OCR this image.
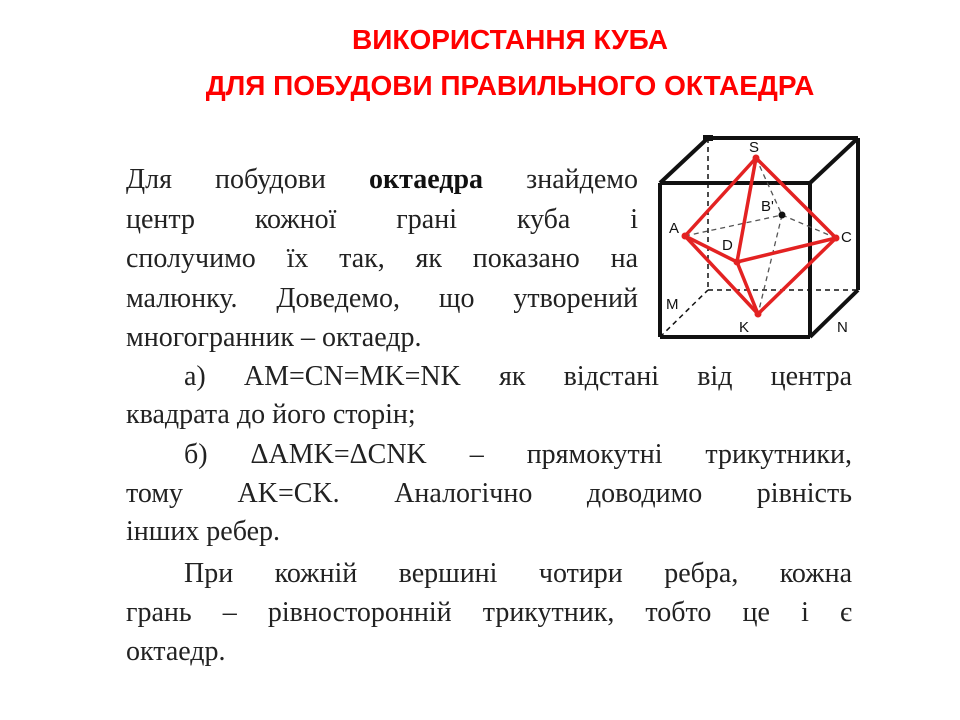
ВИКОРИСТАННЯ КУБА
ДЛЯ ПОБУДОВИ ПРАВИЛЬНОГО ОКТАЕДРА
Для побудови октаедра знайдемо
центр кожної грані куба і
сполучимо їх так, як показано на
малюнку. Доведемо, що утворений
многогранник – октаедр.
а) AM=CN=MK=NK як відстані від центра
квадрата до його сторін;
б) ΔAMK=ΔCNK – прямокутні трикутники,
тому AK=CK. Аналогічно доводимо рівність
інших ребер.
При кожній вершині чотири ребра, кожна
грань – рівносторонній трикутник, тобто це і є
октаедр.
S
B'
A
D	C
M
K	N
